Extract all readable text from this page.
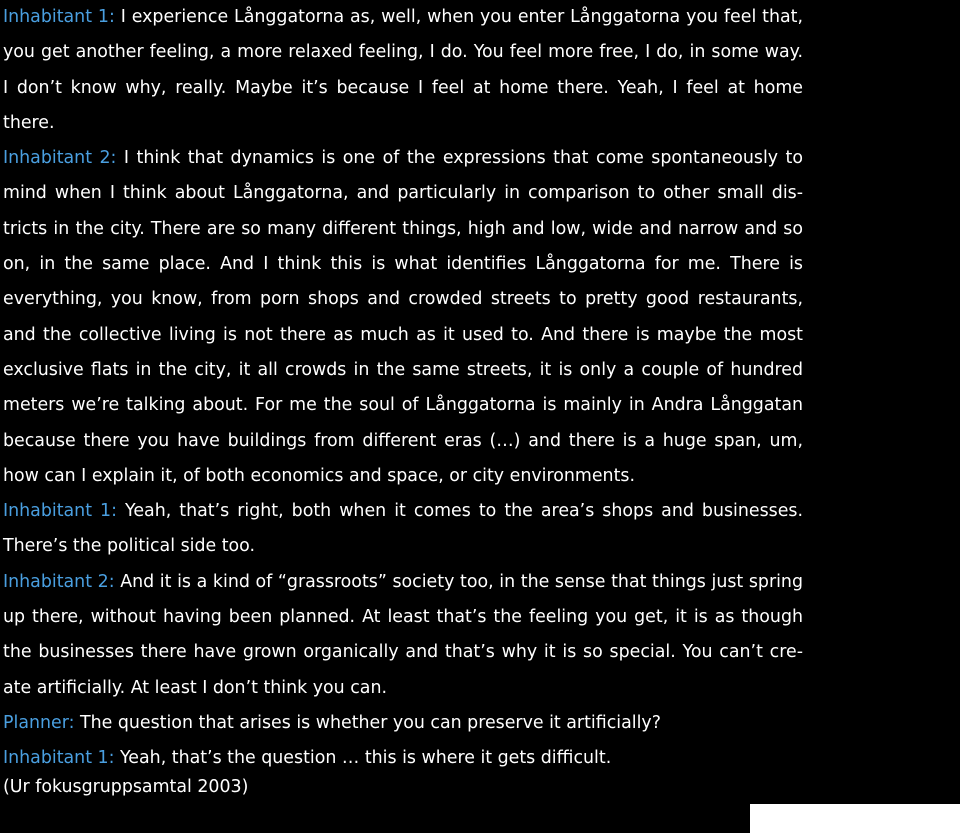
Inhabitant 1: I experience Långgatorna as, well, when you enter Långgatorna you feel that, you get another feeling, a more relaxed feeling, I do. You feel more free, I do, in some way. I don’t know why, really. Maybe it’s because I feel at home there. Yeah, I feel at home there.

Inhabitant 2: I think that dynamics is one of the expressions that come spontaneously to mind when I think about Långgatorna, and particularly in comparison to other small districts in the city. There are so many different things, high and low, wide and narrow and so on, in the same place. And I think this is what identifies Långgatorna for me. There is everything, you know, from porn shops and crowded streets to pretty good restaurants, and the collective living is not there as much as it used to. And there is maybe the most exclusive flats in the city, it all crowds in the same streets, it is only a couple of hundred meters we’re talking about. For me the soul of Långgatorna is mainly in Andra Långgatan because there you have buildings from different eras (…) and there is a huge span, um, how can I explain it, of both economics and space, or city environments.

Inhabitant 1: Yeah, that’s right, both when it comes to the area’s shops and businesses. There’s the political side too.

Inhabitant 2: And it is a kind of “grassroots” society too, in the sense that things just spring up there, without having been planned. At least that’s the feeling you get, it is as though the businesses there have grown organically and that’s why it is so special. You can’t create artificially. At least I don’t think you can.

Planner: The question that arises is whether you can preserve it artificially?

Inhabitant 1: Yeah, that’s the question … this is where it gets difficult.

(Ur fokusgruppsamtal 2003)
